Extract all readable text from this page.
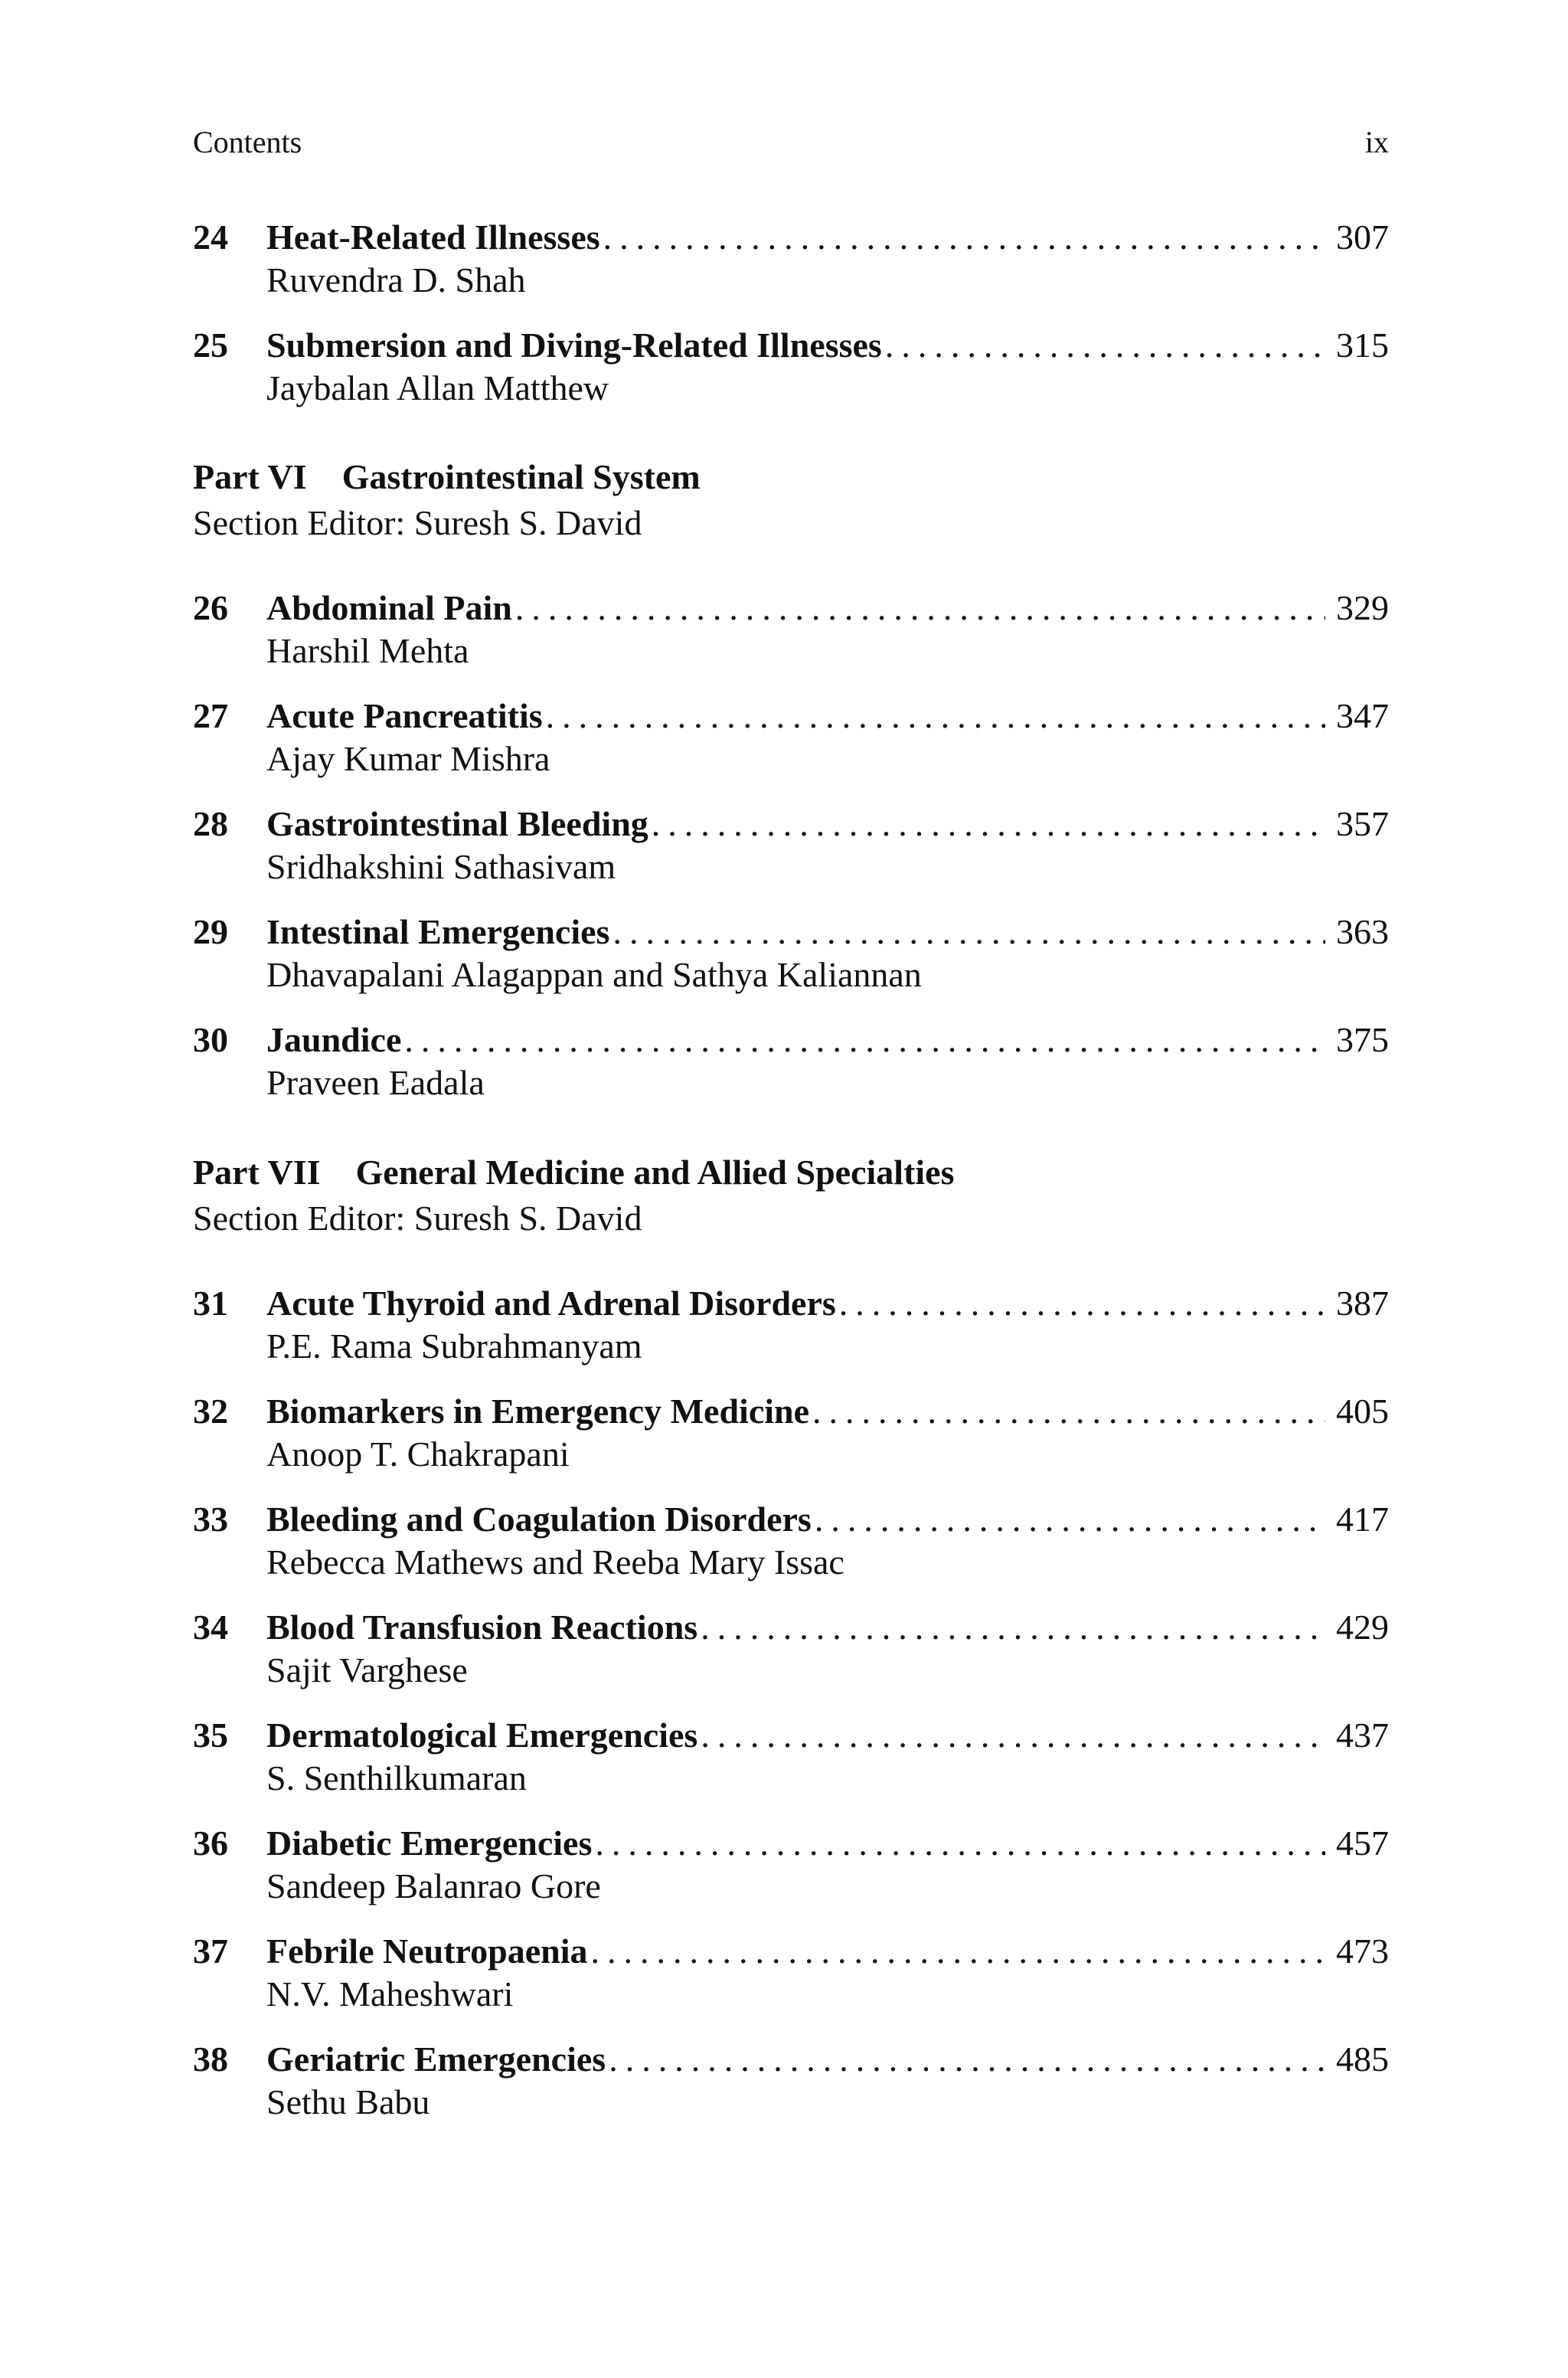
Contents	ix
24 Heat-Related Illnesses .....	307
Ruvendra D. Shah
25 Submersion and Diving-Related Illnesses .....	315
Jaybalan Allan Matthew
Part VI Gastrointestinal System
Section Editor: Suresh S. David
26 Abdominal Pain .....	329
Harshil Mehta
27 Acute Pancreatitis .....	347
Ajay Kumar Mishra
28 Gastrointestinal Bleeding .....	357
Sridhakshini Sathasivam
29 Intestinal Emergencies .....	363
Dhavapalani Alagappan and Sathya Kaliannan
30 Jaundice .....	375
Praveen Eadala
Part VII General Medicine and Allied Specialties
Section Editor: Suresh S. David
31 Acute Thyroid and Adrenal Disorders .....	387
P.E. Rama Subrahmanyam
32 Biomarkers in Emergency Medicine .....	405
Anoop T. Chakrapani
33 Bleeding and Coagulation Disorders .....	417
Rebecca Mathews and Reeba Mary Issac
34 Blood Transfusion Reactions .....	429
Sajit Varghese
35 Dermatological Emergencies .....	437
S. Senthilkumaran
36 Diabetic Emergencies .....	457
Sandeep Balanrao Gore
37 Febrile Neutropaenia .....	473
N.V. Maheshwari
38 Geriatric Emergencies .....	485
Sethu Babu
